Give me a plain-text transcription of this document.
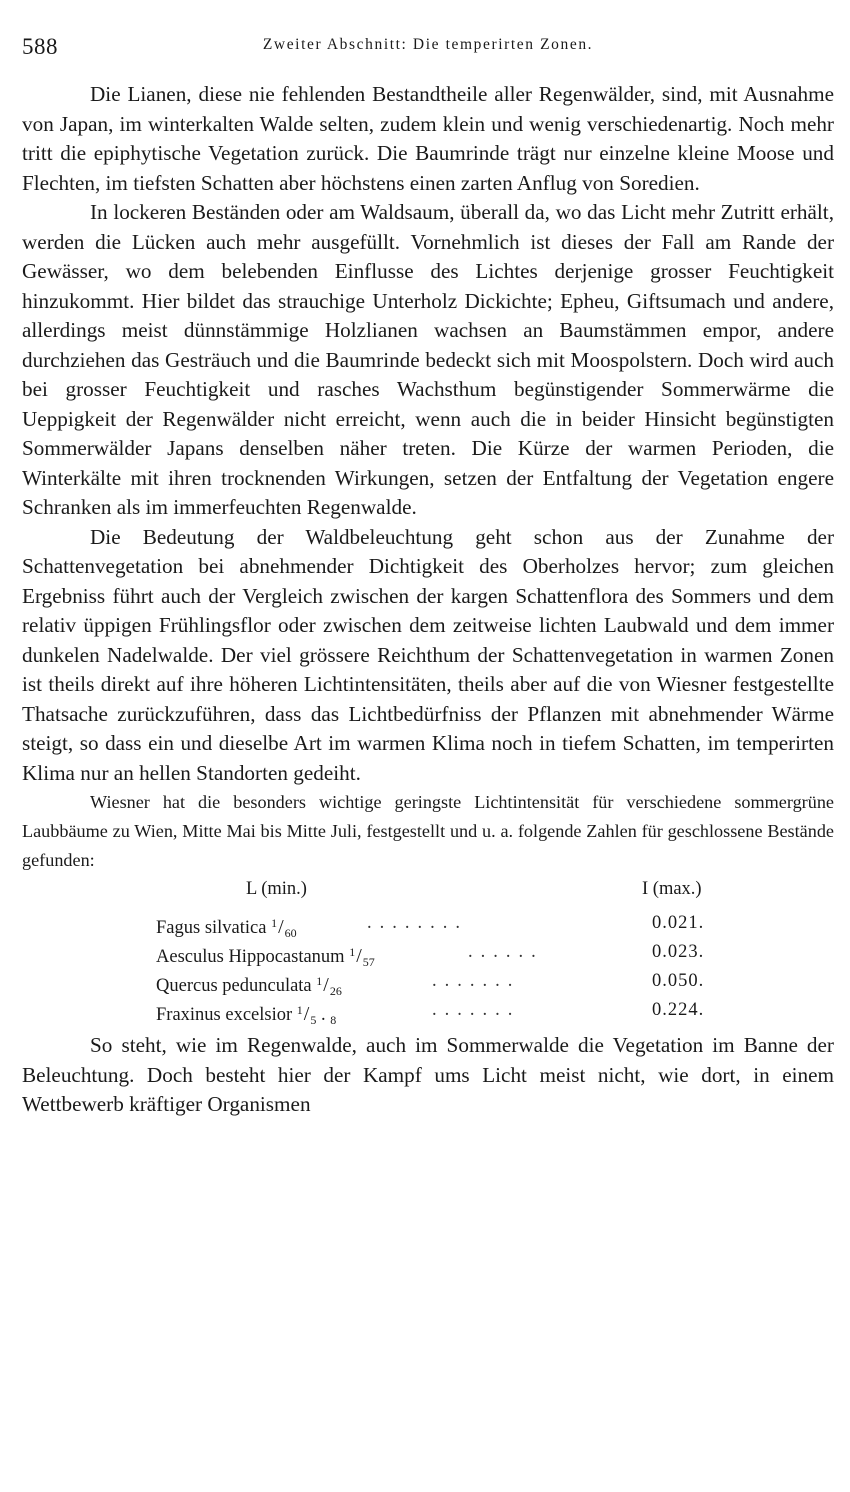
588	Zweiter Abschnitt: Die temperirten Zonen.

Die Lianen, diese nie fehlenden Bestandtheile aller Regenwälder, sind, mit Ausnahme von Japan, im winterkalten Walde selten, zudem klein und wenig verschiedenartig. Noch mehr tritt die epiphytische Vegetation zurück. Die Baumrinde trägt nur einzelne kleine Moose und Flechten, im tiefsten Schatten aber höchstens einen zarten Anflug von Soredien.

In lockeren Beständen oder am Waldsaum, überall da, wo das Licht mehr Zutritt erhält, werden die Lücken auch mehr ausgefüllt. Vornehmlich ist dieses der Fall am Rande der Gewässer, wo dem belebenden Einflusse des Lichtes derjenige grosser Feuchtigkeit hinzukommt. Hier bildet das strauchige Unterholz Dickichte; Epheu, Giftsumach und andere, allerdings meist dünnstämmige Holzlianen wachsen an Baumstämmen empor, andere durchziehen das Gesträuch und die Baumrinde bedeckt sich mit Moospolstern. Doch wird auch bei grosser Feuchtigkeit und rasches Wachsthum begünstigender Sommerwärme die Ueppigkeit der Regenwälder nicht erreicht, wenn auch die in beider Hinsicht begünstigten Sommerwälder Japans denselben näher treten. Die Kürze der warmen Perioden, die Winterkälte mit ihren trocknenden Wirkungen, setzen der Entfaltung der Vegetation engere Schranken als im immerfeuchten Regenwalde.

Die Bedeutung der Waldbeleuchtung geht schon aus der Zunahme der Schattenvegetation bei abnehmender Dichtigkeit des Oberholzes hervor; zum gleichen Ergebniss führt auch der Vergleich zwischen der kargen Schattenflora des Sommers und dem relativ üppigen Frühlingsflor oder zwischen dem zeitweise lichten Laubwald und dem immer dunkelen Nadelwalde. Der viel grössere Reichthum der Schattenvegetation in warmen Zonen ist theils direkt auf ihre höheren Lichtintensitäten, theils aber auf die von Wiesner festgestellte Thatsache zurückzuführen, dass das Lichtbedürfniss der Pflanzen mit abnehmender Wärme steigt, so dass ein und dieselbe Art im warmen Klima noch in tiefem Schatten, im temperirten Klima nur an hellen Standorten gedeiht.

Wiesner hat die besonders wichtige geringste Lichtintensität für verschiedene sommergrüne Laubbäume zu Wien, Mitte Mai bis Mitte Juli, festgestellt und u. a. folgende Zahlen für geschlossene Bestände gefunden:

L (min.)	I (max.)
Fagus silvatica $^1/_{60}$	........	0.021.
Aesculus Hippocastanum $^1/_{57}$	......	0.023.
Quercus pedunculata $^1/_{26}$	.......	0.050.
Fraxinus excelsior $^1/_5$ . $_8$	.......	0.224.

So steht, wie im Regenwalde, auch im Sommerwalde die Vegetation im Banne der Beleuchtung. Doch besteht hier der Kampf ums Licht meist nicht, wie dort, in einem Wettbewerb kräftiger Organismen
